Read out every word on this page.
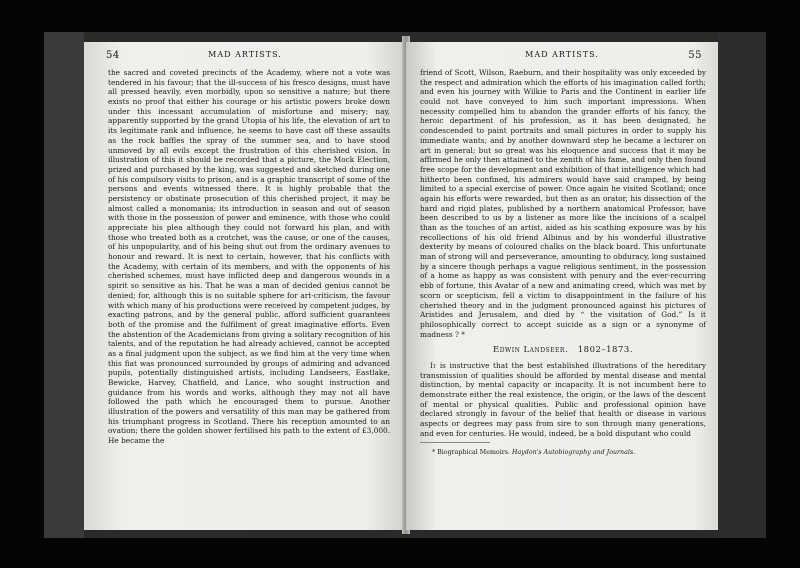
54	MAD ARTISTS.

the sacred and coveted precincts of the Academy, where not a vote was tendered in his favour; that the ill-success of his fresco designs, must have all pressed heavily, even morbidly, upon so sensitive a nature; but there exists no proof that either his courage or his artistic powers broke down under this incessant accumulation of misfortune and misery; nay, apparently supported by the grand Utopia of his life, the elevation of art to its legitimate rank and influence, he seems to have cast off these assaults as the rock baffles the spray of the summer sea, and to have stood unmoved by all evils except the frustration of this cherished vision. In illustration of this it should be recorded that a picture, the Mock Election, prized and purchased by the king, was suggested and sketched during one of his compulsory visits to prison, and is a graphic transcript of some of the persons and events witnessed there. It is highly probable that the persistency or obstinate prosecution of this cherished project, it may be almost called a monomania; its introduction in season and out of season with those in the possession of power and eminence, with those who could appreciate his plea although they could not forward his plan, and with those who treated both as a crotchet, was the cause, or one of the causes, of his unpopularity, and of his being shut out from the ordinary avenues to honour and reward. It is next to certain, however, that his conflicts with the Academy, with certain of its members, and with the opponents of his cherished schemes, must have inflicted deep and dangerous wounds in a spirit so sensitive as his. That he was a man of decided genius cannot be denied; for, although this is no suitable sphere for art-criticism, the favour with which many of his productions were received by competent judges, by exacting patrons, and by the general public, afford sufficient guarantees both of the promise and the fulfilment of great imaginative efforts. Even the abstention of the Academicians from giving a solitary recognition of his talents, and of the reputation he had already achieved, cannot be accepted as a final judgment upon the subject, as we find him at the very time when this fiat was pronounced surrounded by groups of admiring and advanced pupils, potentially distinguished artists, including Landseers, Eastlake, Bewicke, Harvey, Chatfield, and Lance, who sought instruction and guidance from his words and works, although they may not all have followed the path which he encouraged them to pursue. Another illustration of the powers and versatility of this man may be gathered from his triumphant progress in Scotland. There his reception amounted to an ovation; there the golden shower fertilised his path to the extent of £3,000. He became the

MAD ARTISTS.	55

friend of Scott, Wilson, Raeburn, and their hospitality was only exceeded by the respect and admiration which the efforts of his imagination called forth; and even his journey with Wilkie to Paris and the Continent in earlier life could not have conveyed to him such important impressions. When necessity compelled him to abandon the grander efforts of his fancy, the heroic department of his profession, as it has been designated, he condescended to paint portraits and small pictures in order to supply his immediate wants; and by another downward step he became a lecturer on art in general; but so great was his eloquence and success that it may be affirmed he only then attained to the zenith of his fame, and only then found free scope for the development and exhibition of that intelligence which had hitherto been confined, his admirers would have said cramped, by being limited to a special exercise of power. Once again he visited Scotland; once again his efforts were rewarded, but then as an orator, his dissection of the hard and rigid plates, published by a northern anatomical Professor, have been described to us by a listener as more like the incisions of a scalpel than as the touches of an artist, aided as his scathing exposure was by his recollections of his old friend Albinus and by his wonderful illustrative dexterity by means of coloured chalks on the black board. This unfortunate man of strong will and perseverance, amounting to obduracy, long sustained by a sincere though perhaps a vague religious sentiment, in the possession of a home as happy as was consistent with penury and the ever-recurring ebb of fortune, this Avatar of a new and animating creed, which was met by scorn or scepticism, fell a victim to disappointment in the failure of his cherished theory and in the judgment pronounced against his pictures of Aristides and Jerusalem, and died by “ the visitation of God.” Is it philosophically correct to accept suicide as a sign or a synonyme of madness ? *

Edwin Landseer. 1802–1873.

It is instructive that the best established illustrations of the hereditary transmission of qualities should be afforded by mental disease and mental distinction, by mental capacity or incapacity. It is not incumbent here to demonstrate either the real existence, the origin, or the laws of the descent of mental or physical qualities. Public and professional opinion have declared strongly in favour of the belief that health or disease in various aspects or degrees may pass from sire to son through many generations, and even for centuries. He would, indeed, be a bold disputant who could

* Biographical Memoirs. Haydon's Autobiography and Journals.
